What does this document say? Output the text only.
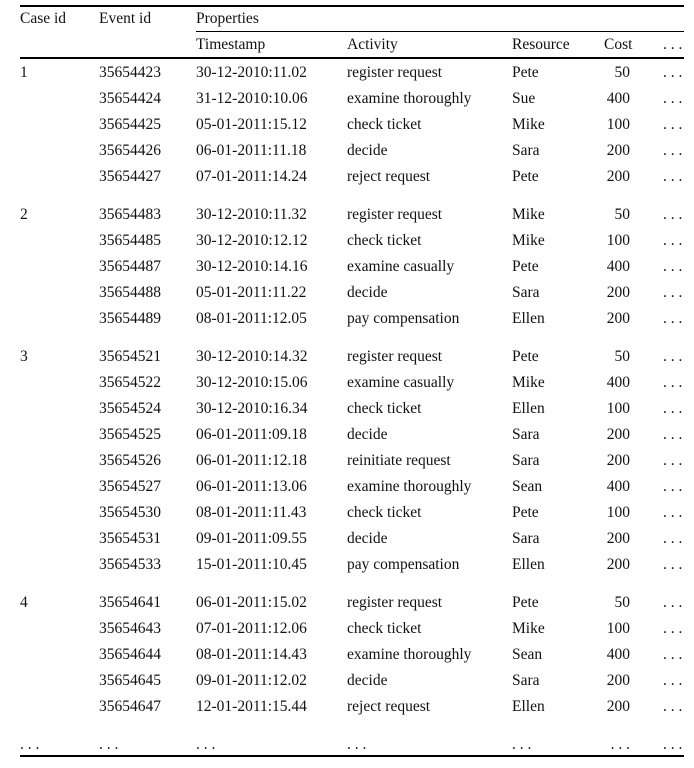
Case id Event id	Properties
Timestamp	Activity	Resource Cost	. . .
1	35654423 30-12-2010:11.02	register request	Pete	50 . . .
35654424 31-12-2010:10.06	examine thoroughly	Sue	400 . . .
35654425 05-01-2011:15.12	check ticket	Mike	100 . . .
35654426 06-01-2011:11.18	decide	Sara	200 . . .
35654427 07-01-2011:14.24	reject request	Pete	200 . . .
2	35654483 30-12-2010:11.32	register request	Mike	50 . . .
35654485 30-12-2010:12.12	check ticket	Mike	100 . . .
35654487 30-12-2010:14.16	examine casually	Pete	400 . . .
35654488 05-01-2011:11.22	decide	Sara	200 . . .
35654489 08-01-2011:12.05	pay compensation	Ellen	200 . . .
3	35654521 30-12-2010:14.32	register request	Pete	50 . . .
35654522 30-12-2010:15.06	examine casually	Mike	400 . . .
35654524 30-12-2010:16.34	check ticket	Ellen	100 . . .
35654525 06-01-2011:09.18	decide	Sara	200 . . .
35654526 06-01-2011:12.18	reinitiate request	Sara	200 . . .
35654527 06-01-2011:13.06	examine thoroughly	Sean	400 . . .
35654530 08-01-2011:11.43	check ticket	Pete	100 . . .
35654531 09-01-2011:09.55	decide	Sara	200 . . .
35654533 15-01-2011:10.45	pay compensation	Ellen	200 . . .
4	35654641 06-01-2011:15.02	register request	Pete	50 . . .
35654643 07-01-2011:12.06	check ticket	Mike	100 . . .
35654644 08-01-2011:14.43	examine thoroughly	Sean	400 . . .
35654645 09-01-2011:12.02	decide	Sara	200 . . .
35654647 12-01-2011:15.44	reject request	Ellen	200 . . .
. . .	. . .	. . .	. . .	. . .	. . . . . .
